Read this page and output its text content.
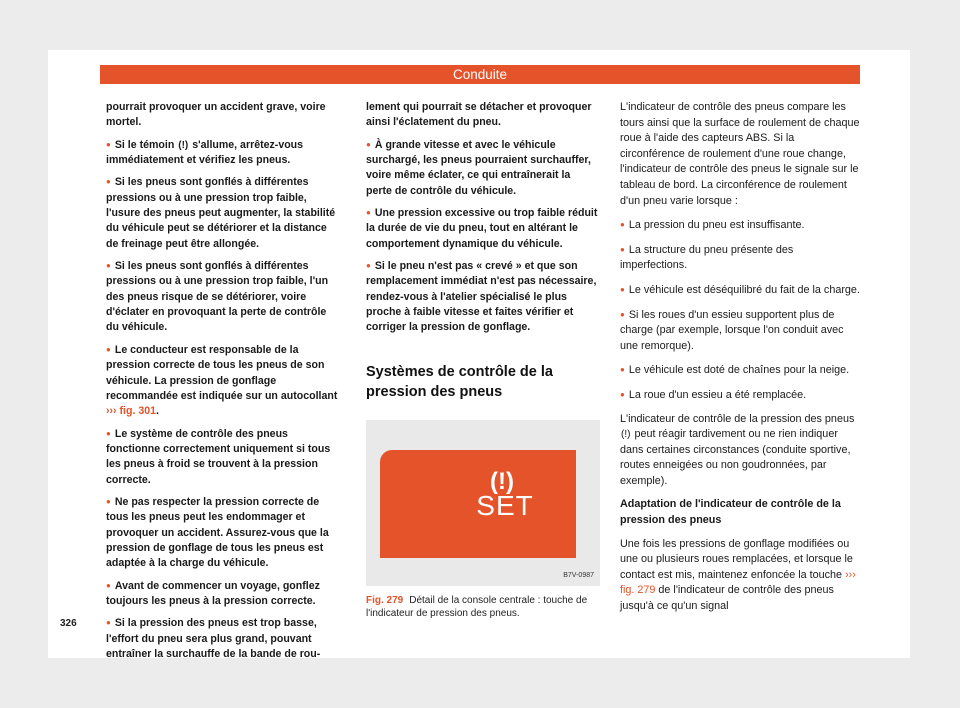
Conduite

pourrait provoquer un accident grave, voire mortel.

● Si le témoin (!) s'allume, arrêtez-vous immédiatement et vérifiez les pneus.

● Si les pneus sont gonflés à différentes pressions ou à une pression trop faible, l'usure des pneus peut augmenter, la stabilité du véhicule peut se détériorer et la distance de freinage peut être allongée.

● Si les pneus sont gonflés à différentes pressions ou à une pression trop faible, l'un des pneus risque de se détériorer, voire d'éclater en provoquant la perte de contrôle du véhicule.

● Le conducteur est responsable de la pression correcte de tous les pneus de son véhicule. La pression de gonflage recommandée est indiquée sur un autocollant ››› fig. 301.

● Le système de contrôle des pneus fonctionne correctement uniquement si tous les pneus à froid se trouvent à la pression correcte.

● Ne pas respecter la pression correcte de tous les pneus peut les endommager et provoquer un accident. Assurez-vous que la pression de gonflage de tous les pneus est adaptée à la charge du véhicule.

● Avant de commencer un voyage, gonflez toujours les pneus à la pression correcte.

● Si la pression des pneus est trop basse, l'effort du pneu sera plus grand, pouvant entraîner la surchauffe de la bande de rou-

lement qui pourrait se détacher et provoquer ainsi l'éclatement du pneu.

● À grande vitesse et avec le véhicule surchargé, les pneus pourraient surchauffer, voire même éclater, ce qui entraînerait la perte de contrôle du véhicule.

● Une pression excessive ou trop faible réduit la durée de vie du pneu, tout en altérant le comportement dynamique du véhicule.

● Si le pneu n'est pas « crevé » et que son remplacement immédiat n'est pas nécessaire, rendez-vous à l'atelier spécialisé le plus proche à faible vitesse et faites vérifier et corriger la pression de gonflage.

Systèmes de contrôle de la pression des pneus

(!)
SET
B7V-0987
Fig. 279 Détail de la console centrale : touche de l'indicateur de pression des pneus.

L'indicateur de contrôle des pneus compare les tours ainsi que la surface de roulement de chaque roue à l'aide des capteurs ABS. Si la circonférence de roulement d'une roue change, l'indicateur de contrôle des pneus le signale sur le tableau de bord. La circonférence de roulement d'un pneu varie lorsque :

● La pression du pneu est insuffisante.

● La structure du pneu présente des imperfections.

● Le véhicule est déséquilibré du fait de la charge.

● Si les roues d'un essieu supportent plus de charge (par exemple, lorsque l'on conduit avec une remorque).

● Le véhicule est doté de chaînes pour la neige.

● La roue d'un essieu a été remplacée.

L'indicateur de contrôle de la pression des pneus (!) peut réagir tardivement ou ne rien indiquer dans certaines circonstances (conduite sportive, routes enneigées ou non goudronnées, par exemple).

Adaptation de l'indicateur de contrôle de la pression des pneus

Une fois les pressions de gonflage modifiées ou une ou plusieurs roues remplacées, et lorsque le contact est mis, maintenez enfoncée la touche ››› fig. 279 de l'indicateur de contrôle des pneus jusqu'à ce qu'un signal

326
